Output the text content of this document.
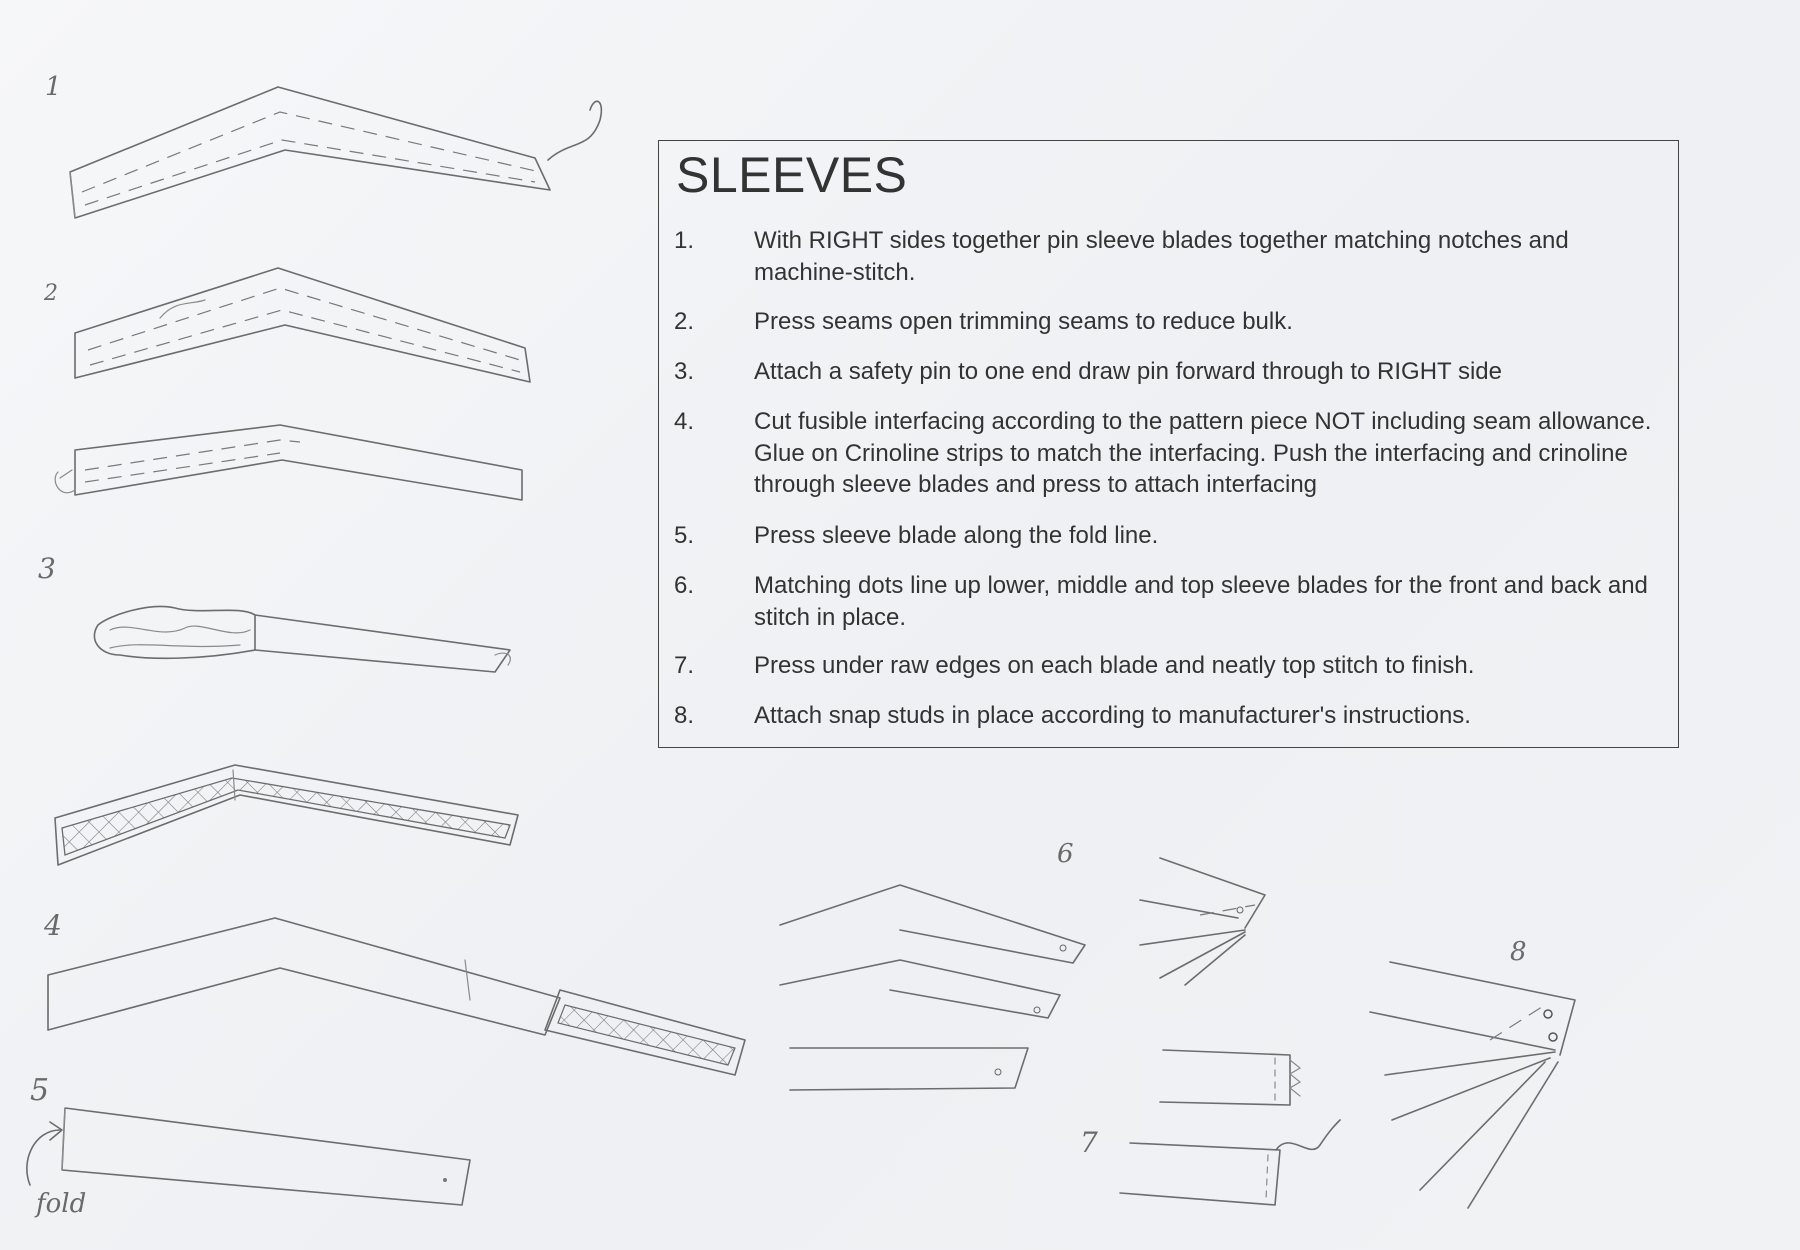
1
2
3
4
5
fold
6
7
8
SLEEVES
1. With RIGHT sides together pin sleeve blades together matching notches and machine-stitch.
2. Press seams open trimming seams to reduce bulk.
3. Attach a safety pin to one end draw pin forward through to RIGHT side
4. Cut fusible interfacing according to the pattern piece NOT including seam allowance. Glue on Crinoline strips to match the interfacing. Push the interfacing and crinoline through sleeve blades and press to attach interfacing
5. Press sleeve blade along the fold line.
6. Matching dots line up lower, middle and top sleeve blades for the front and back and stitch in place.
7. Press under raw edges on each blade and neatly top stitch to finish.
8. Attach snap studs in place according to manufacturer's instructions.
